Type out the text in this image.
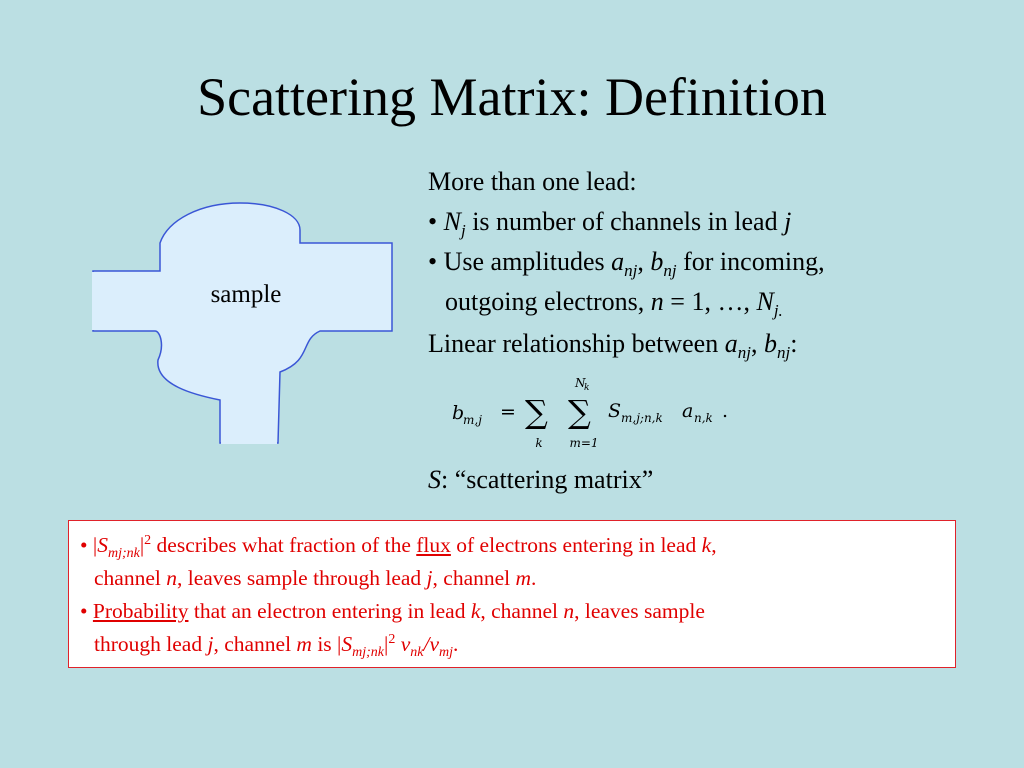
Scattering Matrix: Definition
sample
More than one lead:
• $N_j$ is number of channels in lead j
• Use amplitudes $a_{nj}$, $b_{nj}$ for incoming,
outgoing electrons, n = 1, …, $N_{j.}$
Linear relationship between $a_{nj}$, $b_{nj}$:
b
m,j = ∑
k
∑
N
k
m=1
S m,j;n,k a n,k .
S: “scattering matrix”
• $|S_{mj;nk}|^2$ describes what fraction of the flux of electrons entering in lead k,
channel n, leaves sample through lead j, channel m.
• Probability that an electron entering in lead k, channel n, leaves sample
through lead j, channel m is $|S_{mj;nk}|^2$ $v_{nk}/v_{mj}$.
